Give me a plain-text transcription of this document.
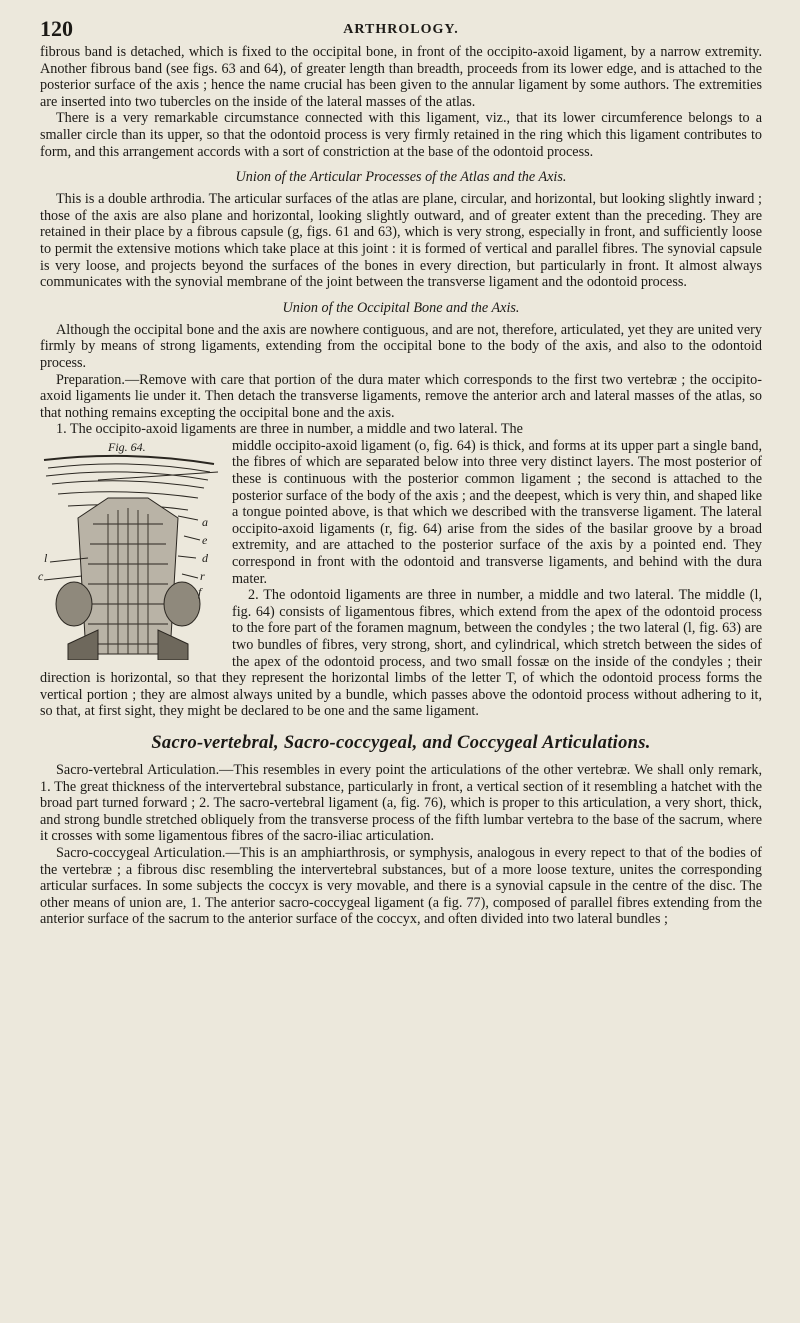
120	ARTHROLOGY.

fibrous band is detached, which is fixed to the occipital bone, in front of the occipito-axoid ligament, by a narrow extremity. Another fibrous band (see figs. 63 and 64), of greater length than breadth, proceeds from its lower edge, and is attached to the posterior surface of the axis ; hence the name crucial has been given to the annular ligament by some authors. The extremities are inserted into two tubercles on the inside of the lateral masses of the atlas.

There is a very remarkable circumstance connected with this ligament, viz., that its lower circumference belongs to a smaller circle than its upper, so that the odontoid process is very firmly retained in the ring which this ligament contributes to form, and this arrangement accords with a sort of constriction at the base of the odontoid process.

Union of the Articular Processes of the Atlas and the Axis.

This is a double arthrodia. The articular surfaces of the atlas are plane, circular, and horizontal, but looking slightly inward ; those of the axis are also plane and horizontal, looking slightly outward, and of greater extent than the preceding. They are retained in their place by a fibrous capsule (g, figs. 61 and 63), which is very strong, especially in front, and sufficiently loose to permit the extensive motions which take place at this joint : it is formed of vertical and parallel fibres. The synovial capsule is very loose, and projects beyond the surfaces of the bones in every direction, but particularly in front. It almost always communicates with the synovial membrane of the joint between the transverse ligament and the odontoid process.

Union of the Occipital Bone and the Axis.

Although the occipital bone and the axis are nowhere contiguous, and are not, therefore, articulated, yet they are united very firmly by means of strong ligaments, extending from the occipital bone to the body of the axis, and also to the odontoid process.

Preparation.—Remove with care that portion of the dura mater which corresponds to the first two vertebræ ; the occipito-axoid ligaments lie under it. Then detach the transverse ligaments, remove the anterior arch and lateral masses of the atlas, so that nothing remains excepting the occipital bone and the axis.

1. The occipito-axoid ligaments are three in number, a middle and two lateral. The

Fig. 64.
a
l
e
d
c	r
f

middle occipito-axoid ligament (o, fig. 64) is thick, and forms at its upper part a single band, the fibres of which are separated below into three very distinct layers. The most posterior of these is continuous with the posterior common ligament ; the second is attached to the posterior surface of the body of the axis ; and the deepest, which is very thin, and shaped like a tongue pointed above, is that which we described with the transverse ligament. The lateral occipito-axoid ligaments (r, fig. 64) arise from the sides of the basilar groove by a broad extremity, and are attached to the posterior surface of the axis by a pointed end. They correspond in front with the odontoid and transverse ligaments, and behind with the dura mater.

2. The odontoid ligaments are three in number, a middle and two lateral. The middle (l, fig. 64) consists of ligamentous fibres, which extend from the apex of the odontoid process to the fore part of the foramen magnum, between the condyles ; the two lateral (l, fig. 63) are two bundles of fibres, very strong, short, and cylindrical, which stretch between the sides of the apex of the odontoid process, and two small fossæ on the inside of the condyles ; their direction is horizontal, so that they represent the horizontal limbs of the letter T, of which the odontoid process forms the vertical portion ; they are almost always united by a bundle, which passes above the odontoid process without adhering to it, so that, at first sight, they might be declared to be one and the same ligament.

Sacro-vertebral, Sacro-coccygeal, and Coccygeal Articulations.

Sacro-vertebral Articulation.—This resembles in every point the articulations of the other vertebræ. We shall only remark, 1. The great thickness of the intervertebral substance, particularly in front, a vertical section of it resembling a hatchet with the broad part turned forward ; 2. The sacro-vertebral ligament (a, fig. 76), which is proper to this articulation, a very short, thick, and strong bundle stretched obliquely from the transverse process of the fifth lumbar vertebra to the base of the sacrum, where it crosses with some ligamentous fibres of the sacro-iliac articulation.

Sacro-coccygeal Articulation.—This is an amphiarthrosis, or symphysis, analogous in every repect to that of the bodies of the vertebræ ; a fibrous disc resembling the intervertebral substances, but of a more loose texture, unites the corresponding articular surfaces. In some subjects the coccyx is very movable, and there is a synovial capsule in the centre of the disc. The other means of union are, 1. The anterior sacro-coccygeal ligament (a fig. 77), composed of parallel fibres extending from the anterior surface of the sacrum to the anterior surface of the coccyx, and often divided into two lateral bundles ;
